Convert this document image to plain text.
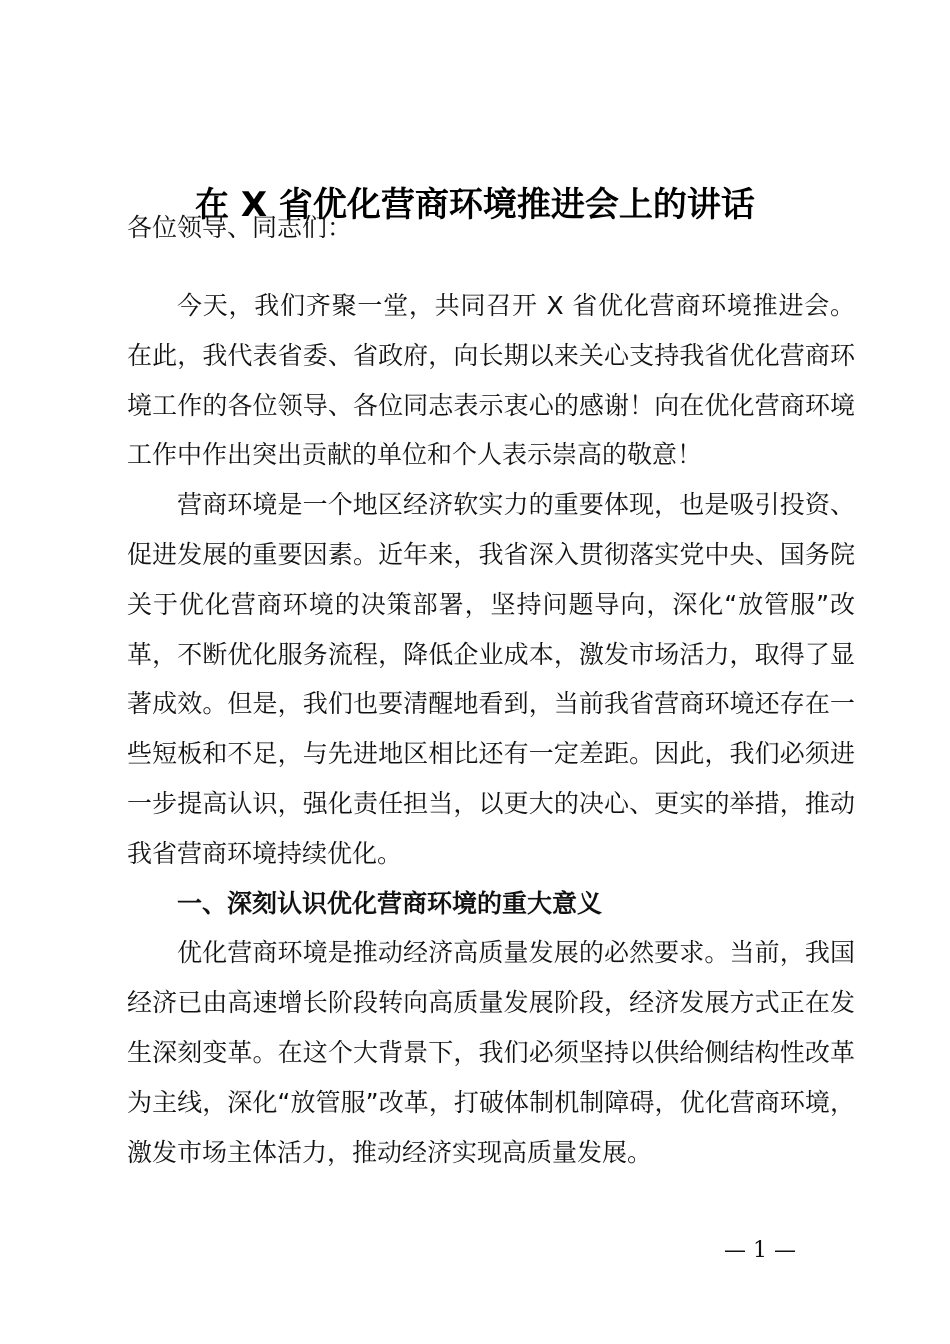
在 X 省优化营商环境推进会上的讲话

各位领导、同志们：

今天，我们齐聚一堂，共同召开 X 省优化营商环境推进会。在此，我代表省委、省政府，向长期以来关心支持我省优化营商环境工作的各位领导、各位同志表示衷心的感谢！向在优化营商环境工作中作出突出贡献的单位和个人表示崇高的敬意！

营商环境是一个地区经济软实力的重要体现，也是吸引投资、促进发展的重要因素。近年来，我省深入贯彻落实党中央、国务院关于优化营商环境的决策部署，坚持问题导向，深化“放管服”改革，不断优化服务流程，降低企业成本，激发市场活力，取得了显著成效。但是，我们也要清醒地看到，当前我省营商环境还存在一些短板和不足，与先进地区相比还有一定差距。因此，我们必须进一步提高认识，强化责任担当，以更大的决心、更实的举措，推动我省营商环境持续优化。

一、深刻认识优化营商环境的重大意义

优化营商环境是推动经济高质量发展的必然要求。当前，我国经济已由高速增长阶段转向高质量发展阶段，经济发展方式正在发生深刻变革。在这个大背景下，我们必须坚持以供给侧结构性改革为主线，深化“放管服”改革，打破体制机制障碍，优化营商环境，激发市场主体活力，推动经济实现高质量发展。

— 1 —
